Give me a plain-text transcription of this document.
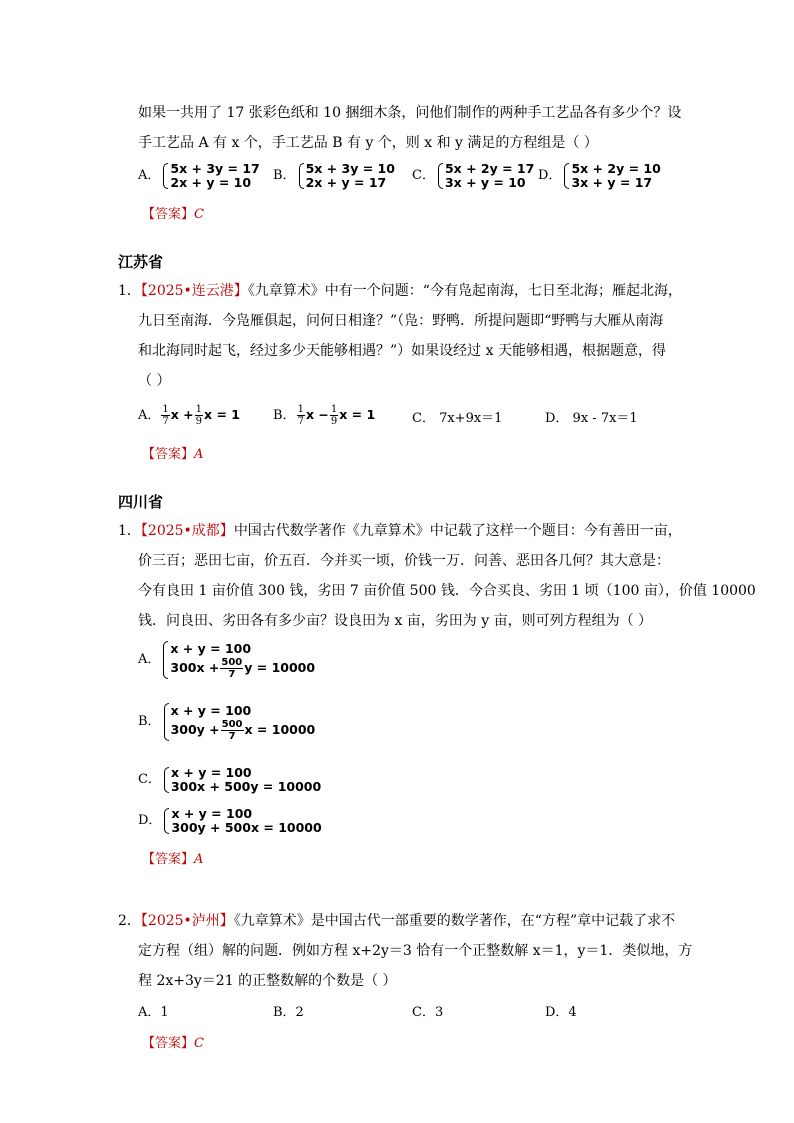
如果一共用了 17 张彩色纸和 10 捆细木条，问他们制作的两种手工艺品各有多少个？设
手工艺品 A 有 x 个，手工艺品 B 有 y 个，则 x 和 y 满足的方程组是（ ）
A． 5x + 3y = 17
2x + y = 10	B． 5x + 3y = 10
2x + y = 17	C． 5x + 2y = 17
3x + y = 10 D． 5x + 2y = 10
3x + y = 17
【答案】C
江苏省
1．【2025•连云港】《九章算术》中有一个问题：“今有凫起南海，七日至北海；雁起北海，
九日至南海．今凫雁俱起，问何日相逢？”（凫：野鸭．所提问题即“野鸭与大雁从南海
和北海同时起飞，经过多少天能够相遇？”）如果设经过 x 天能够相遇，根据题意，得
（ ）
A． $\frac{1}{7}$ $x + \frac{1}{9}$ x = 1	B． $\frac{1}{7}$ $x - \frac{1}{9}$ x = 1	C． 7x+9x＝1	D． 9x - 7x＝1
【答案】A
四川省
1．【2025•成都】中国古代数学著作《九章算术》中记载了这样一个题目：今有善田一亩，
价三百；恶田七亩，价五百．今并买一顷，价钱一万．问善、恶田各几何？其大意是：
今有良田 1 亩价值 300 钱，劣田 7 亩价值 500 钱．今合买良、劣田 1 顷（100 亩），价值 10000
钱．问良田、劣田各有多少亩？设良田为 x 亩，劣田为 y 亩，则可列方程组为（ ）
A．
x + y = 100
$300x + \frac{500}{7}$ y = 10000
B．
x + y = 100
$300y + \frac{500}{7}$ x = 10000
C． x + y = 100
300x + 500y = 10000
D． x + y = 100
300y + 500x = 10000
【答案】A
2．【2025•泸州】《九章算术》是中国古代一部重要的数学著作，在“方程”章中记载了求不
定方程（组）解的问题．例如方程 x+2y＝3 恰有一个正整数解 x＝1，y＝1．类似地，方
程 2x+3y＝21 的正整数解的个数是（ ）
A．1	B．2	C．3	D．4
【答案】C
